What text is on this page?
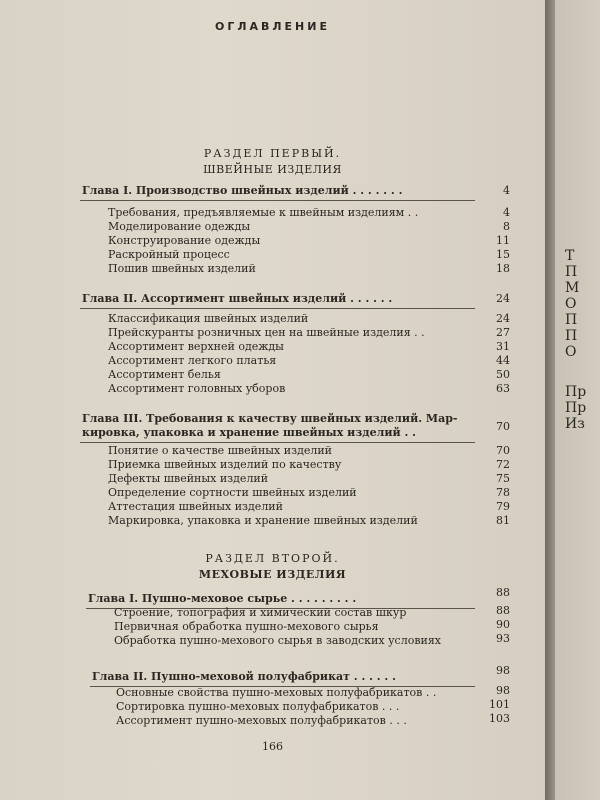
ОГЛАВЛЕНИЕ
РАЗДЕЛ ПЕРВЫЙ.
ШВЕЙНЫЕ ИЗДЕЛИЯ
Глава I. Производство швейных изделий . . . . . . .	4
Требования, предъявляемые к швейным изделиям . .	4
Моделирование одежды	8
Конструирование одежды	11
Раскройный процесс	15
Пошив швейных изделий	18
Глава II. Ассортимент швейных изделий . . . . . .	24
Классификация швейных изделий	24
Прейскуранты розничных цен на швейные изделия . .	27
Ассортимент верхней одежды	31
Ассортимент легкого платья	44
Ассортимент белья	50
Ассортимент головных уборов	63
Глава III. Требования к качеству швейных изделий. Мар-
кировка, упаковка и хранение швейных изделий . .	70
Понятие о качестве швейных изделий	70
Приемка швейных изделий по качеству	72
Дефекты швейных изделий	75
Определение сортности швейных изделий	78
Аттестация швейных изделий	79
Маркировка, упаковка и хранение швейных изделий	81
РАЗДЕЛ ВТОРОЙ.
МЕХОВЫЕ ИЗДЕЛИЯ
Глава I. Пушно-меховое сырье . . . . . . . . .	88
Строение, топография и химический состав шкур	88
Первичная обработка пушно-мехового сырья	90
Обработка пушно-мехового сырья в заводских условиях	93
Глава II. Пушно-меховой полуфабрикат . . . . . .	98
Основные свойства пушно-меховых полуфабрикатов . .	98
Сортировка пушно-меховых полуфабрикатов . . .	101
Ассортимент пушно-меховых полуфабрикатов . . .	103
166
Т
П
М
О
П
П
О
Пр
Пр
Из
